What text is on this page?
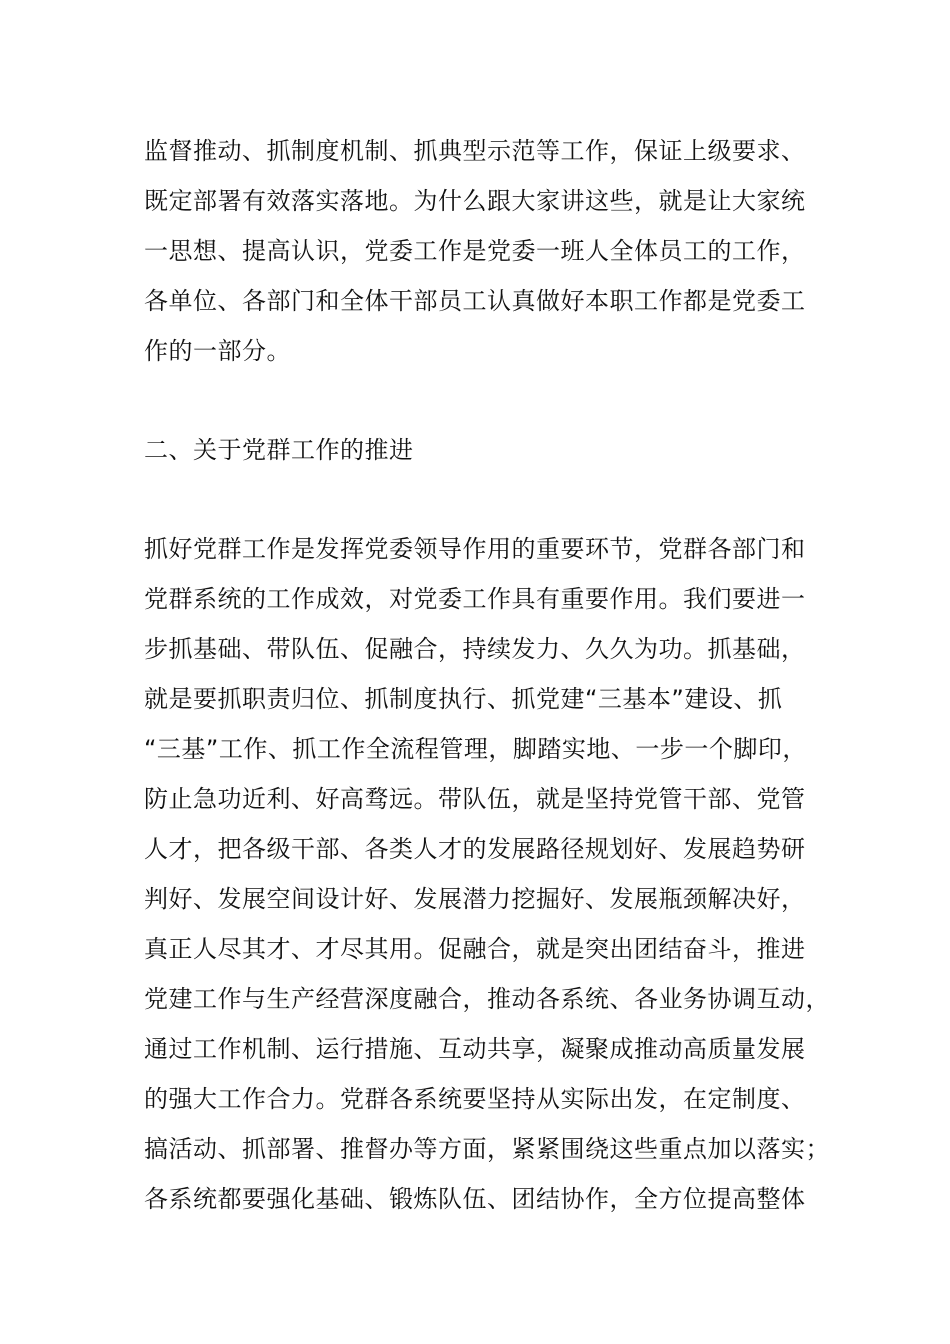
监督推动、抓制度机制、抓典型示范等工作，保证上级要求、
既定部署有效落实落地。为什么跟大家讲这些，就是让大家统
一思想、提高认识，党委工作是党委一班人全体员工的工作，
各单位、各部门和全体干部员工认真做好本职工作都是党委工
作的一部分。
二、关于党群工作的推进
抓好党群工作是发挥党委领导作用的重要环节，党群各部门和
党群系统的工作成效，对党委工作具有重要作用。我们要进一
步抓基础、带队伍、促融合，持续发力、久久为功。抓基础，
就是要抓职责归位、抓制度执行、抓党建“三基本”建设、抓
“三基”工作、抓工作全流程管理，脚踏实地、一步一个脚印，
防止急功近利、好高骛远。带队伍，就是坚持党管干部、党管
人才，把各级干部、各类人才的发展路径规划好、发展趋势研
判好、发展空间设计好、发展潜力挖掘好、发展瓶颈解决好，
真正人尽其才、才尽其用。促融合，就是突出团结奋斗，推进
党建工作与生产经营深度融合，推动各系统、各业务协调互动，
通过工作机制、运行措施、互动共享，凝聚成推动高质量发展
的强大工作合力。党群各系统要坚持从实际出发，在定制度、
搞活动、抓部署、推督办等方面，紧紧围绕这些重点加以落实；
各系统都要强化基础、锻炼队伍、团结协作，全方位提高整体
